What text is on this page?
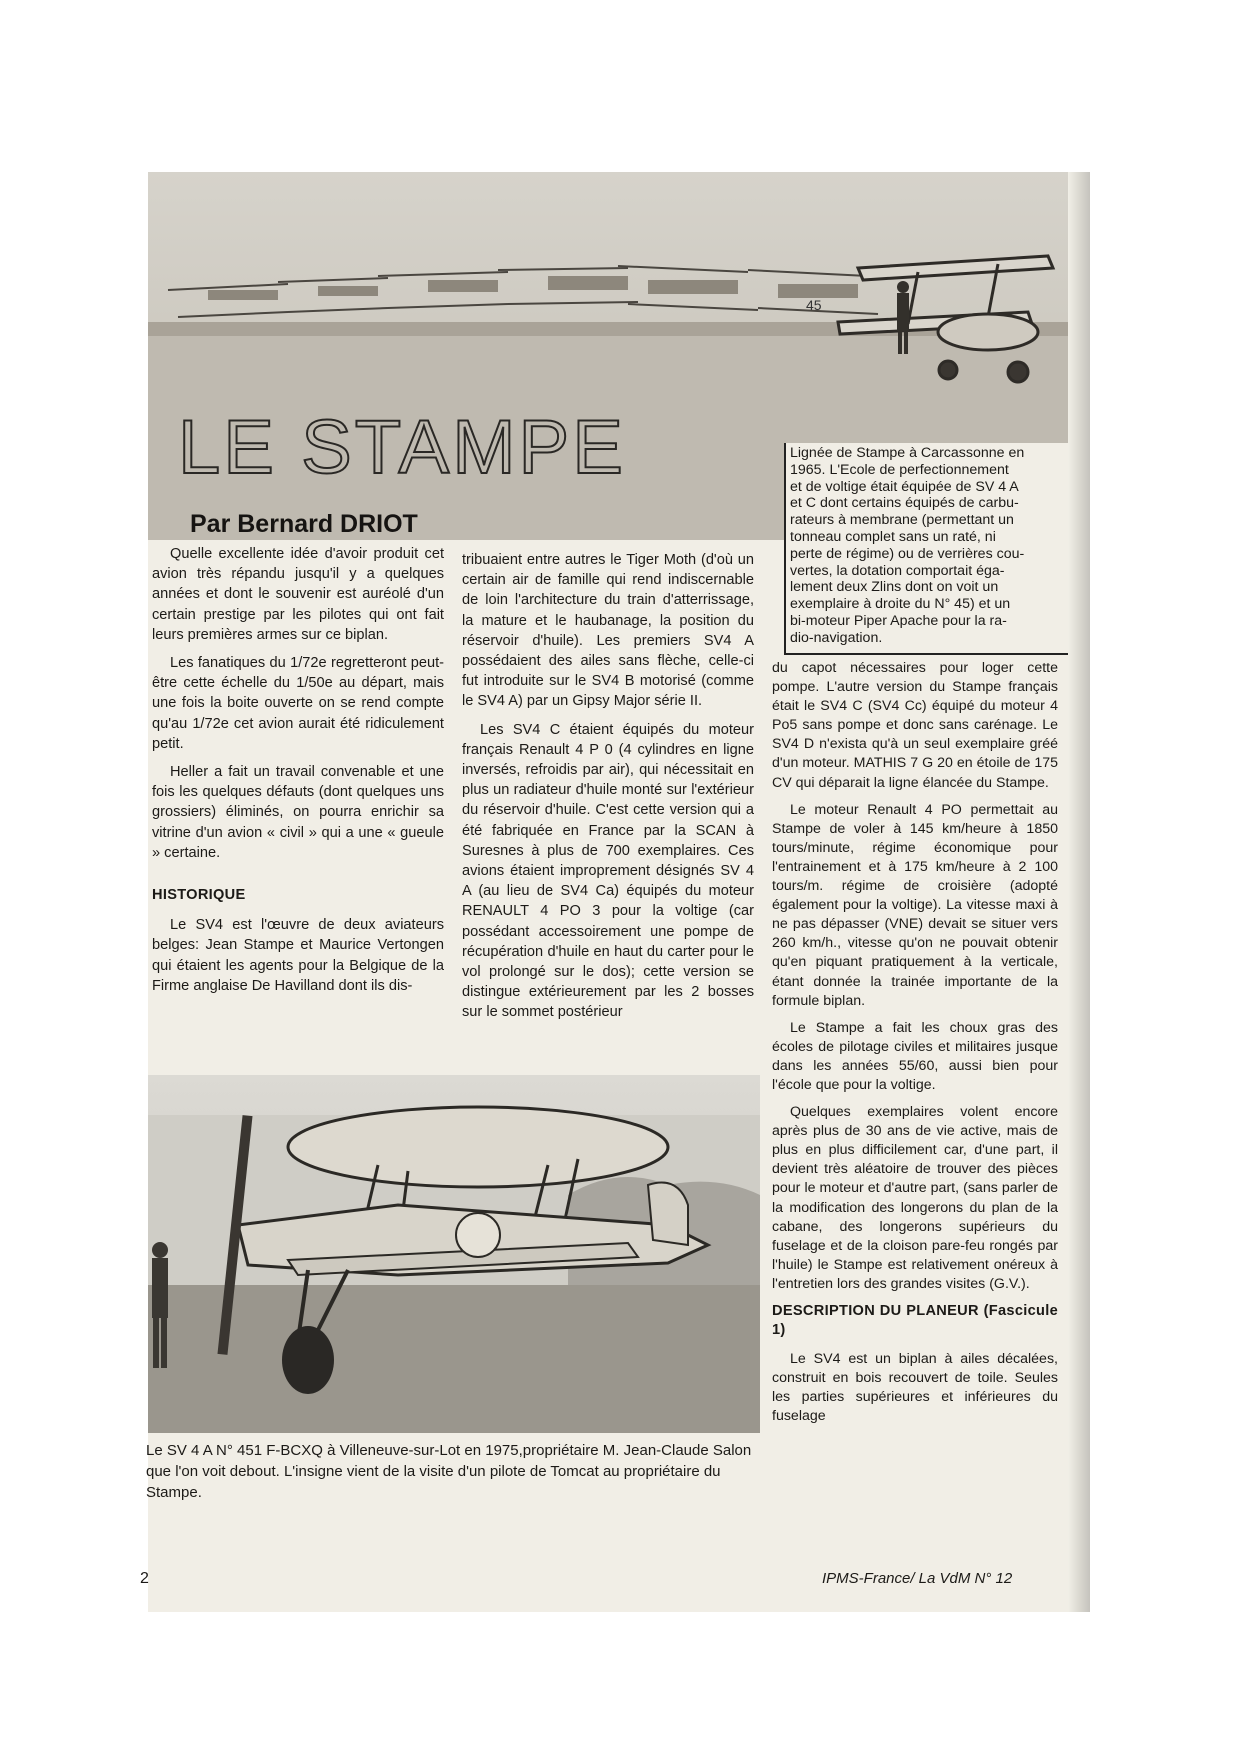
45
LE STAMPE
Par Bernard DRIOT
Lignée de Stampe à Carcassonne en
1965. L'Ecole de perfectionnement
et de voltige était équipée de SV 4 A
et C dont certains équipés de carbu-
rateurs à membrane (permettant un
tonneau complet sans un raté, ni
perte de régime) ou de verrières cou-
vertes, la dotation comportait éga-
lement deux Zlins dont on voit un
exemplaire à droite du N° 45) et un
bi-moteur Piper Apache pour la ra-
dio-navigation.

Quelle excellente idée d'avoir produit cet avion très répandu jusqu'il y a quelques années et dont le souvenir est auréolé d'un certain prestige par les pilotes qui ont fait leurs premières armes sur ce biplan.

Les fanatiques du 1/72e regretteront peut-être cette échelle du 1/50e au départ, mais une fois la boite ouverte on se rend compte qu'au 1/72e cet avion aurait été ridiculement petit.

Heller a fait un travail convenable et une fois les quelques défauts (dont quelques uns grossiers) éliminés, on pourra enrichir sa vitrine d'un avion « civil » qui a une « gueule » certaine.

HISTORIQUE

Le SV4 est l'œuvre de deux aviateurs belges: Jean Stampe et Maurice Vertongen qui étaient les agents pour la Belgique de la Firme anglaise De Havilland dont ils dis-

tribuaient entre autres le Tiger Moth (d'où un certain air de famille qui rend indiscernable de loin l'architecture du train d'atterrissage, la mature et le haubanage, la position du réservoir d'huile). Les premiers SV4 A possédaient des ailes sans flèche, celle-ci fut introduite sur le SV4 B motorisé (comme le SV4 A) par un Gipsy Major série II.

Les SV4 C étaient équipés du moteur français Renault 4 P 0 (4 cylindres en ligne inversés, refroidis par air), qui nécessitait en plus un radiateur d'huile monté sur l'extérieur du réservoir d'huile. C'est cette version qui a été fabriquée en France par la SCAN à Suresnes à plus de 700 exemplaires. Ces avions étaient improprement désignés SV 4 A (au lieu de SV4 Ca) équipés du moteur RENAULT 4 PO 3 pour la voltige (car possédant accessoirement une pompe de récupération d'huile en haut du carter pour le vol prolongé sur le dos); cette version se distingue extérieurement par les 2 bosses sur le sommet postérieur

du capot nécessaires pour loger cette pompe. L'autre version du Stampe français était le SV4 C (SV4 Cc) équipé du moteur 4 Po5 sans pompe et donc sans carénage. Le SV4 D n'exista qu'à un seul exemplaire gréé d'un moteur. MATHIS 7 G 20 en étoile de 175 CV qui déparait la ligne élancée du Stampe.

Le moteur Renault 4 PO permettait au Stampe de voler à 145 km/heure à 1850 tours/minute, régime économique pour l'entrainement et à 175 km/heure à 2 100 tours/m. régime de croisière (adopté également pour la voltige). La vitesse maxi à ne pas dépasser (VNE) devait se situer vers 260 km/h., vitesse qu'on ne pouvait obtenir qu'en piquant pratiquement à la verticale, étant donnée la trainée importante de la formule biplan.

Le Stampe a fait les choux gras des écoles de pilotage civiles et militaires jusque dans les années 55/60, aussi bien pour l'école que pour la voltige.

Quelques exemplaires volent encore après plus de 30 ans de vie active, mais de plus en plus difficilement car, d'une part, il devient très aléatoire de trouver des pièces pour le moteur et d'autre part, (sans parler de la modification des longerons du plan de la cabane, des longerons supérieurs du fuselage et de la cloison pare-feu rongés par l'huile) le Stampe est relativement onéreux à l'entretien lors des grandes visites (G.V.).

DESCRIPTION DU PLANEUR (Fascicule 1)

Le SV4 est un biplan à ailes décalées, construit en bois recouvert de toile. Seules les parties supérieures et inférieures du fuselage

Le SV 4 A N° 451 F-BCXQ à Villeneuve-sur-Lot en 1975,propriétaire M. Jean-Claude Salon que l'on voit debout. L'insigne vient de la visite d'un pilote de Tomcat au propriétaire du Stampe.
2	IPMS-France/ La VdM N° 12
